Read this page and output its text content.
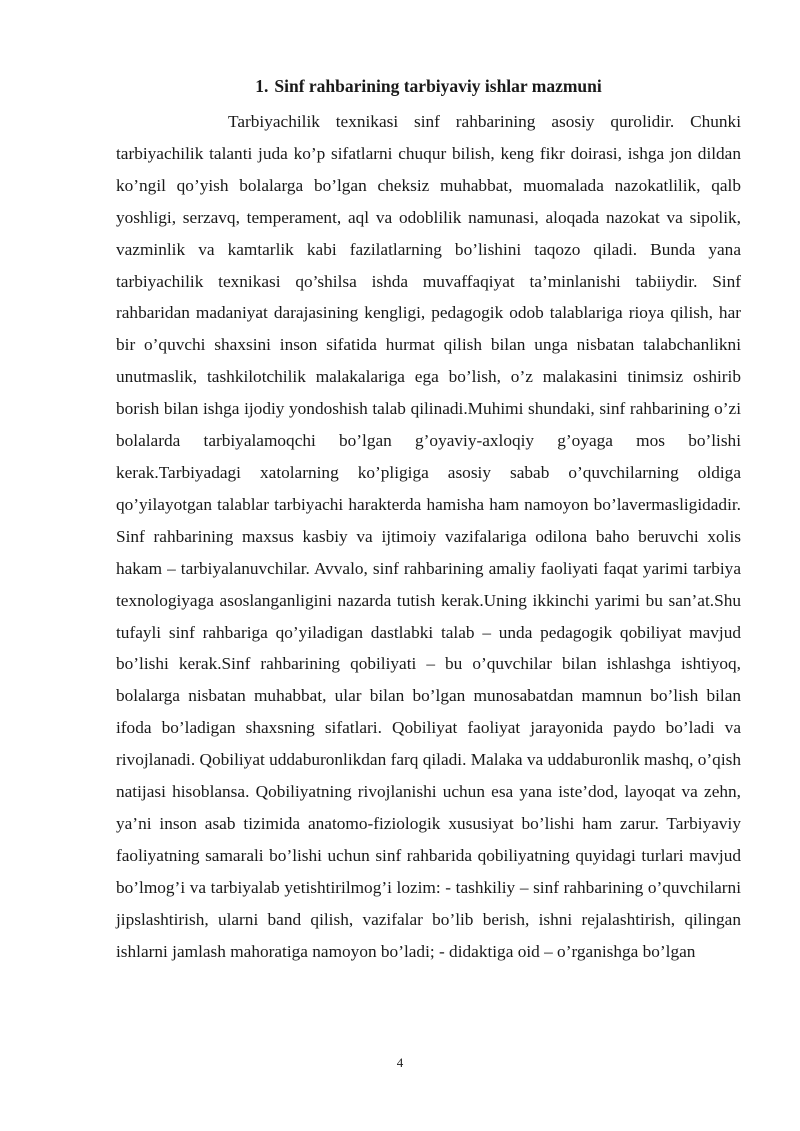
1. Sinf rahbarining tarbiyaviy ishlar mazmuni

Tarbiyachilik texnikasi sinf rahbarining asosiy qurolidir. Chunki tarbiyachilik talanti juda ko’p sifatlarni chuqur bilish, keng fikr doirasi, ishga jon dildan ko’ngil qo’yish bolalarga bo’lgan cheksiz muhabbat, muomalada nazokatlilik, qalb yoshligi, serzavq, temperament, aql va odoblilik namunasi, aloqada nazokat va sipolik, vazminlik va kamtarlik kabi fazilatlarning bo’lishini taqozo qiladi. Bunda yana tarbiyachilik texnikasi qo’shilsa ishda muvaffaqiyat ta’minlanishi tabiiydir. Sinf rahbaridan madaniyat darajasining kengligi, pedagogik odob talablariga rioya qilish, har bir o’quvchi shaxsini inson sifatida hurmat qilish bilan unga nisbatan talabchanlikni unutmaslik, tashkilotchilik malakalariga ega bo’lish, o’z malakasini tinimsiz oshirib borish bilan ishga ijodiy yondoshish talab qilinadi.Muhimi shundaki, sinf rahbarining o’zi bolalarda tarbiyalamoqchi bo’lgan g’oyaviy-axloqiy g’oyaga mos bo’lishi kerak.Tarbiyadagi xatolarning ko’pligiga asosiy sabab o’quvchilarning oldiga qo’yilayotgan talablar tarbiyachi harakterda hamisha ham namoyon bo’lavermasligidadir. Sinf rahbarining maxsus kasbiy va ijtimoiy vazifalariga odilona baho beruvchi xolis hakam – tarbiyalanuvchilar. Avvalo, sinf rahbarining amaliy faoliyati faqat yarimi tarbiya texnologiyaga asoslanganligini nazarda tutish kerak.Uning ikkinchi yarimi bu san’at.Shu tufayli sinf rahbariga qo’yiladigan dastlabki talab – unda pedagogik qobiliyat mavjud bo’lishi kerak.Sinf rahbarining qobiliyati – bu o’quvchilar bilan ishlashga ishtiyoq, bolalarga nisbatan muhabbat, ular bilan bo’lgan munosabatdan mamnun bo’lish bilan ifoda bo’ladigan shaxsning sifatlari. Qobiliyat faoliyat jarayonida paydo bo’ladi va rivojlanadi. Qobiliyat uddaburonlikdan farq qiladi. Malaka va uddaburonlik mashq, o’qish natijasi hisoblansa. Qobiliyatning rivojlanishi uchun esa yana iste’dod, layoqat va zehn, ya’ni inson asab tizimida anatomo-fiziologik xususiyat bo’lishi ham zarur. Tarbiyaviy faoliyatning samarali bo’lishi uchun sinf rahbarida qobiliyatning quyidagi turlari mavjud bo’lmog’i va tarbiyalab yetishtirilmog’i lozim: - tashkiliy – sinf rahbarining o’quvchilarni jipslashtirish, ularni band qilish, vazifalar bo’lib berish, ishni rejalashtirish, qilingan ishlarni jamlash mahoratiga namoyon bo’ladi; - didaktiga oid – o’rganishga bo’lgan

4
